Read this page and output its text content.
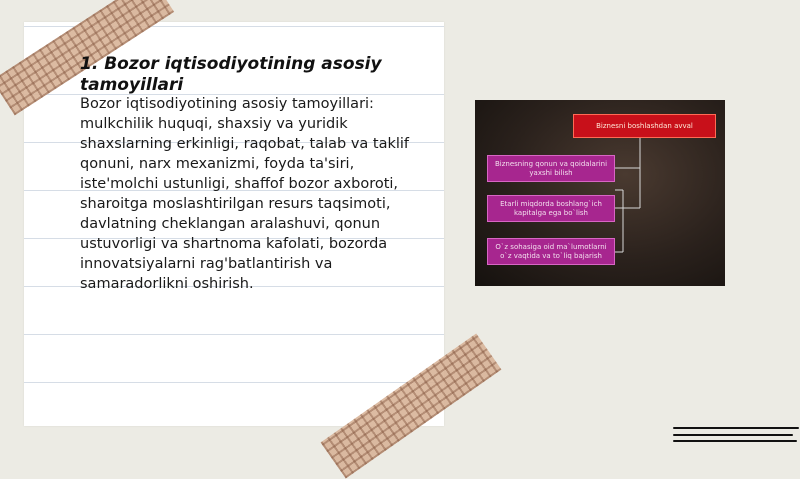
1. Bozor iqtisodiyotining asosiy tamoyillari

Bozor iqtisodiyotining asosiy tamoyillari: mulkchilik huquqi, shaxsiy va yuridik shaxslarning erkinligi, raqobat, talab va taklif qonuni, narx mexanizmi, foyda ta'siri, iste'molchi ustunligi, shaffof bozor axboroti, sharoitga moslashtirilgan resurs taqsimoti, davlatning cheklangan aralashuvi, qonun ustuvorligi va shartnoma kafolati, bozorda innovatsiyalarni rag'batlantirish va samaradorlikni oshirish.

Biznesni boshlashdan avval
Biznesning qonun va qoidalarini yaxshi bilish
Etarli miqdorda boshlang`ich kapitalga ega bo`lish
O`z sohasiga oid ma`lumotlarni o`z vaqtida va to`liq bajarish
